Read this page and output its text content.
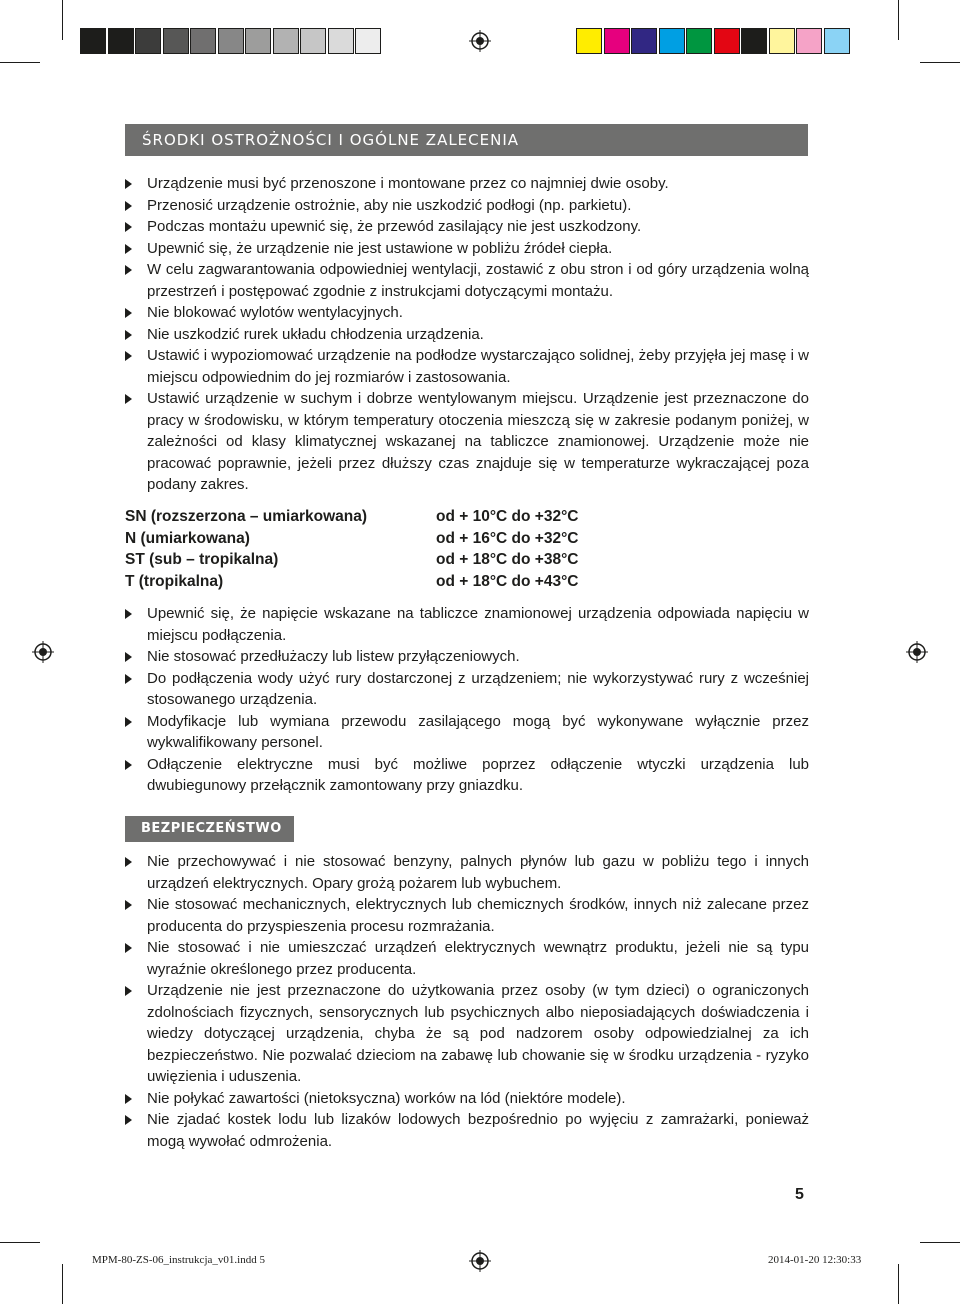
ŚRODKI OSTROŻNOŚCI I OGÓLNE ZALECENIA
Urządzenie musi być przenoszone i montowane przez co najmniej dwie osoby.
Przenosić urządzenie ostrożnie, aby nie uszkodzić podłogi (np. parkietu).
Podczas montażu upewnić się, że przewód zasilający nie jest uszkodzony.
Upewnić się, że urządzenie nie jest ustawione w pobliżu źródeł ciepła.
W celu zagwarantowania odpowiedniej wentylacji, zostawić z obu stron i od góry urządzenia wolną przestrzeń i postępować zgodnie z instrukcjami dotyczącymi montażu.
Nie blokować wylotów wentylacyjnych.
Nie uszkodzić rurek układu chłodzenia urządzenia.
Ustawić i wypoziomować urządzenie na podłodze wystarczająco solidnej, żeby przyjęła jej masę i w miejscu odpowiednim do jej rozmiarów i zastosowania.
Ustawić urządzenie w suchym i dobrze wentylowanym miejscu. Urządzenie jest przeznaczone do pracy w środowisku, w którym temperatury otoczenia mieszczą się w zakresie podanym poniżej, w zależności od klasy klimatycznej wskazanej na tabliczce znamionowej. Urządzenie może nie pracować poprawnie, jeżeli przez dłuższy czas znajduje się w temperaturze wykraczającej poza podany zakres.
SN (rozszerzona – umiarkowana)	od + 10°C do +32°C
N (umiarkowana)	od + 16°C do +32°C
ST (sub – tropikalna)	od + 18°C do +38°C
T (tropikalna)	od + 18°C do +43°C
Upewnić się, że napięcie wskazane na tabliczce znamionowej urządzenia odpowiada napięciu w miejscu podłączenia.
Nie stosować przedłużaczy lub listew przyłączeniowych.
Do podłączenia wody użyć rury dostarczonej z urządzeniem; nie wykorzystywać rury z wcześniej stosowanego urządzenia.
Modyfikacje lub wymiana przewodu zasilającego mogą być wykonywane wyłącznie przez wykwalifikowany personel.
Odłączenie elektryczne musi być możliwe poprzez odłączenie wtyczki urządzenia lub dwubiegunowy przełącznik zamontowany przy gniazdku.
BEZPIECZEŃSTWO
Nie przechowywać i nie stosować benzyny, palnych płynów lub gazu w pobliżu tego i innych urządzeń elektrycznych. Opary grożą pożarem lub wybuchem.
Nie stosować mechanicznych, elektrycznych lub chemicznych środków, innych niż zalecane przez producenta do przyspieszenia procesu rozmrażania.
Nie stosować i nie umieszczać urządzeń elektrycznych wewnątrz produktu, jeżeli nie są typu wyraźnie określonego przez producenta.
Urządzenie nie jest przeznaczone do użytkowania przez osoby (w tym dzieci) o ograniczonych zdolnościach fizycznych, sensorycznych lub psychicznych albo nieposiadających doświadczenia i wiedzy dotyczącej urządzenia, chyba że są pod nadzorem osoby odpowiedzialnej za ich bezpieczeństwo. Nie pozwalać dzieciom na zabawę lub chowanie się w środku urządzenia - ryzyko uwięzienia i uduszenia.
Nie połykać zawartości (nietoksyczna) worków na lód (niektóre modele).
Nie zjadać kostek lodu lub lizaków lodowych bezpośrednio po wyjęciu z zamrażarki, ponieważ mogą wywołać odmrożenia.
5
MPM-80-ZS-06_instrukcja_v01.indd 5	2014-01-20 12:30:33
